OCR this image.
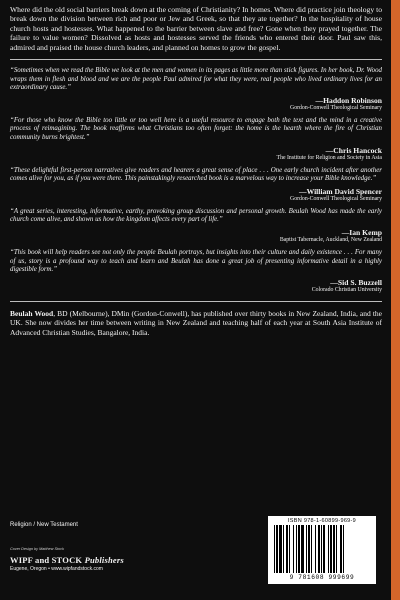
Where did the old social barriers break down at the coming of Christianity? In homes. Where did practice join theology to break down the division between rich and poor or Jew and Greek, so that they ate together? In the hospitality of house church hosts and hostesses. What happened to the barrier between slave and free? Gone when they prayed together. The failure to value women? Dissolved as hosts and hostesses served the friends who entered their door. Paul saw this, admired and praised the house church leaders, and planned on homes to grow the gospel.

“Sometimes when we read the Bible we look at the men and women in its pages as little more than stick figures. In her book, Dr. Wood wraps them in flesh and blood and we are the people Paul admired for what they were, real people who lived ordinary lives for an extraordinary cause.”

—Haddon Robinson
Gordon-Conwell Theological Seminary

“For those who know the Bible too little or too well here is a useful resource to engage both the text and the mind in a creative process of reimagining. The book reaffirms what Christians too often forget: the home is the hearth where the fire of Christian community burns brightest.”

—Chris Hancock
The Institute for Religion and Society in Asia

“These delightful first-person narratives give readers and hearers a great sense of place . . . One early church incident after another comes alive for you, as if you were there. This painstakingly researched book is a marvelous way to increase your Bible knowledge.”

—William David Spencer
Gordon-Conwell Theological Seminary

“A great series, interesting, informative, earthy, provoking group discussion and personal growth. Beulah Wood has made the early church come alive, and shown us how the kingdom affects every part of life.”

—Ian Kemp
Baptist Tabernacle, Auckland, New Zealand

“This book will help readers see not only the people Beulah portrays, but insights into their culture and daily existence . . . For many of us, story is a profound way to teach and learn and Beulah has done a great job of presenting informative detail in a highly digestible form.”

—Sid S. Buzzell
Colorado Christian University

Beulah Wood, BD (Melbourne), DMin (Gordon-Conwell), has published over thirty books in New Zealand, India, and the UK. She now divides her time between writing in New Zealand and teaching half of each year at South Asia Institute of Advanced Christian Studies, Bangalore, India.

Religion / New Testament
Cover Design by Matthew Stock
WIPF and STOCK Publishers
Eugene, Oregon • www.wipfandstock.com
ISBN 978-1-60899-969-9
9 781608 999699
